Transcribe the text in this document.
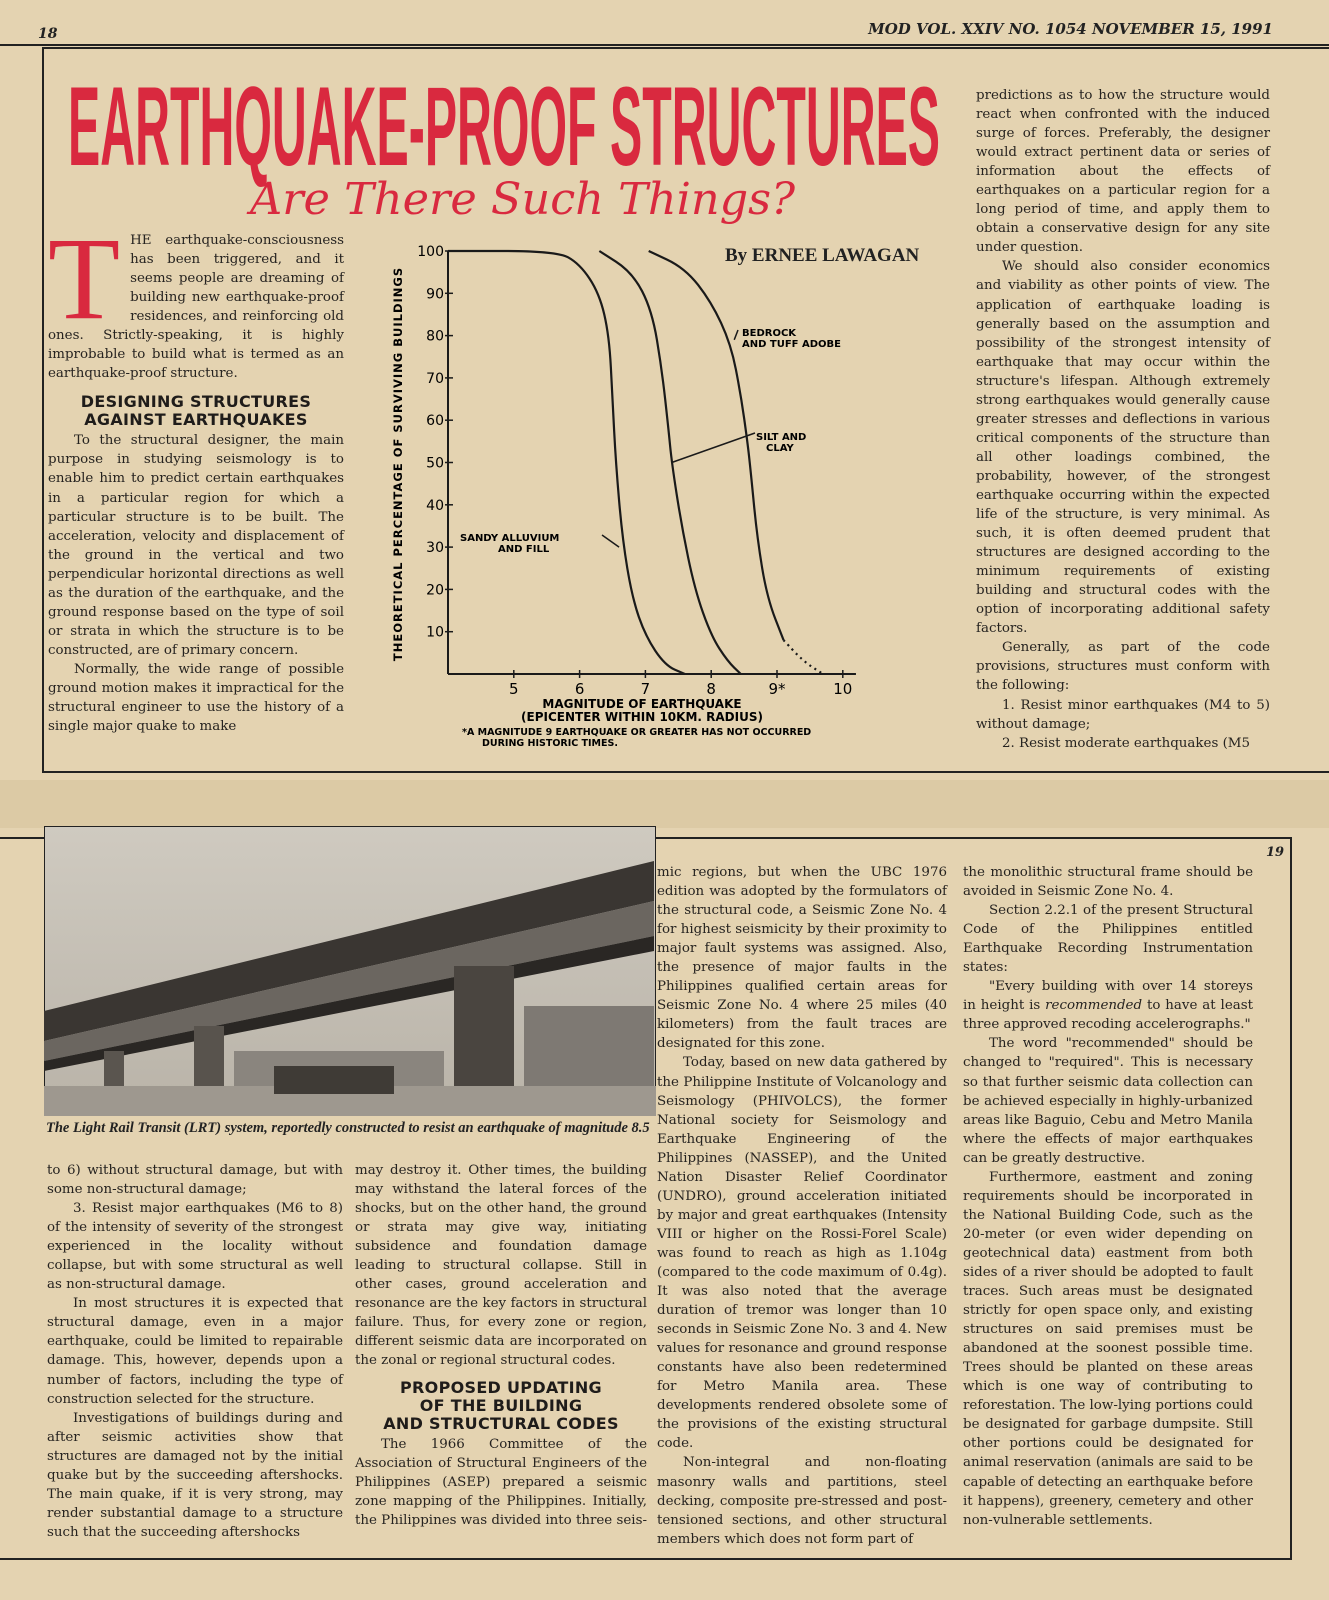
18	MOD VOL. XXIV NO. 1054 NOVEMBER 15, 1991
EARTHQUAKE-PROOF STRUCTURES
Are There Such Things?
By ERNEE LAWAGAN
T HE earthquake-consciousness has been triggered, and it seems people are dreaming of building new earthquake-proof residences, and reinforcing old ones. Strictly-speaking, it is highly improbable to build what is termed as an earthquake-proof structure.

DESIGNING STRUCTURES
AGAINST EARTHQUAKES

To the structural designer, the main purpose in studying seismology is to enable him to predict certain earthquakes in a particular region for which a particular structure is to be built. The acceleration, velocity and displacement of the ground in the vertical and two perpendicular horizontal directions as well as the duration of the earthquake, and the ground response based on the type of soil or strata in which the structure is to be constructed, are of primary concern.

Normally, the wide range of possible ground motion makes it impractical for the structural engineer to use the history of a single major quake to make

10
20
30
40
50
60
70
80
90
100
5	6	7	8	9*	10
THEORETICAL PERCENTAGE OF SURVIVING BUILDINGS
MAGNITUDE OF EARTHQUAKE
(EPICENTER WITHIN 10KM. RADIUS)
*A MAGNITUDE 9 EARTHQUAKE OR GREATER HAS NOT OCCURRED
DURING HISTORIC TIMES.
SANDY ALLUVIUM
AND FILL
SILT AND
CLAY
BEDROCK
AND TUFF ADOBE

predictions as to how the structure would react when confronted with the induced surge of forces. Preferably, the designer would extract pertinent data or series of information about the effects of earthquakes on a particular region for a long period of time, and apply them to obtain a conservative design for any site under question.

We should also consider economics and viability as other points of view. The application of earthquake loading is generally based on the assumption and possibility of the strongest intensity of earthquake that may occur within the structure's lifespan. Although extremely strong earthquakes would generally cause greater stresses and deflections in various critical components of the structure than all other loadings combined, the probability, however, of the strongest earthquake occurring within the expected life of the structure, is very minimal. As such, it is often deemed prudent that structures are designed according to the minimum requirements of existing building and structural codes with the option of incorporating additional safety factors.

Generally, as part of the code provisions, structures must conform with the following:

1. Resist minor earthquakes (M4 to 5) without damage;

2. Resist moderate earthquakes (M5

19
The Light Rail Transit (LRT) system, reportedly constructed to resist an earthquake of magnitude 8.5

to 6) without structural damage, but with some non-structural damage;

3. Resist major earthquakes (M6 to 8) of the intensity of severity of the strongest experienced in the locality without collapse, but with some structural as well as non-structural damage.

In most structures it is expected that structural damage, even in a major earthquake, could be limited to repairable damage. This, however, depends upon a number of factors, including the type of construction selected for the structure.

Investigations of buildings during and after seismic activities show that structures are damaged not by the initial quake but by the succeeding aftershocks. The main quake, if it is very strong, may render substantial damage to a structure such that the succeeding aftershocks

may destroy it. Other times, the building may withstand the lateral forces of the shocks, but on the other hand, the ground or strata may give way, initiating subsidence and foundation damage leading to structural collapse. Still in other cases, ground acceleration and resonance are the key factors in structural failure. Thus, for every zone or region, different seismic data are incorporated on the zonal or regional structural codes.

PROPOSED UPDATING
OF THE BUILDING
AND STRUCTURAL CODES

The 1966 Committee of the Association of Structural Engineers of the Philippines (ASEP) prepared a seismic zone mapping of the Philippines. Initially, the Philippines was divided into three seis-

mic regions, but when the UBC 1976 edition was adopted by the formulators of the structural code, a Seismic Zone No. 4 for highest seismicity by their proximity to major fault systems was assigned. Also, the presence of major faults in the Philippines qualified certain areas for Seismic Zone No. 4 where 25 miles (40 kilometers) from the fault traces are designated for this zone.

Today, based on new data gathered by the Philippine Institute of Volcanology and Seismology (PHIVOLCS), the former National society for Seismology and Earthquake Engineering of the Philippines (NASSEP), and the United Nation Disaster Relief Coordinator (UNDRO), ground acceleration initiated by major and great earthquakes (Intensity VIII or higher on the Rossi-Forel Scale) was found to reach as high as 1.104g (compared to the code maximum of 0.4g). It was also noted that the average duration of tremor was longer than 10 seconds in Seismic Zone No. 3 and 4. New values for resonance and ground response constants have also been redetermined for Metro Manila area. These developments rendered obsolete some of the provisions of the existing structural code.

Non-integral and non-floating masonry walls and partitions, steel decking, composite pre-stressed and post-tensioned sections, and other structural members which does not form part of

the monolithic structural frame should be avoided in Seismic Zone No. 4.

Section 2.2.1 of the present Structural Code of the Philippines entitled Earthquake Recording Instrumentation states:

"Every building with over 14 storeys in height is recommended to have at least three approved recoding accelerographs."

The word "recommended" should be changed to "required". This is necessary so that further seismic data collection can be achieved especially in highly-urbanized areas like Baguio, Cebu and Metro Manila where the effects of major earthquakes can be greatly destructive.

Furthermore, eastment and zoning requirements should be incorporated in the National Building Code, such as the 20-meter (or even wider depending on geotechnical data) eastment from both sides of a river should be adopted to fault traces. Such areas must be designated strictly for open space only, and existing structures on said premises must be abandoned at the soonest possible time. Trees should be planted on these areas which is one way of contributing to reforestation. The low-lying portions could be designated for garbage dumpsite. Still other portions could be designated for animal reservation (animals are said to be capable of detecting an earthquake before it happens), greenery, cemetery and other non-vulnerable settlements.
